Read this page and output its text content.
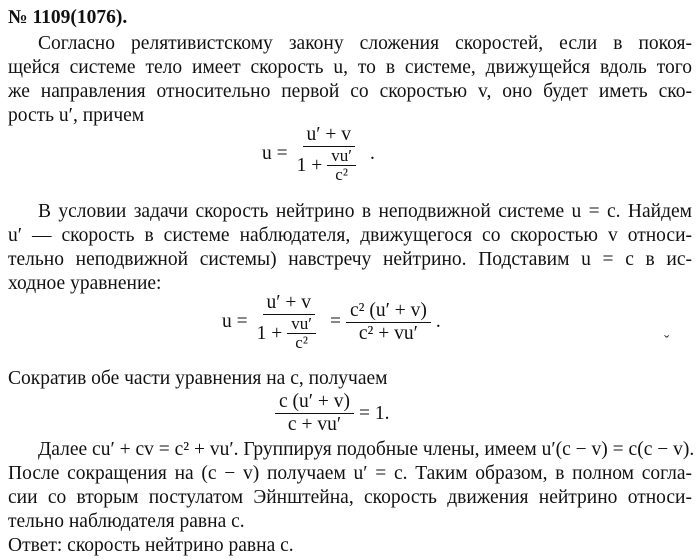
№ 1109(1076).
Согласно релятивистскому закону сложения скоростей, если в покоя-
щейся системе тело имеет скорость u, то в системе, движущейся вдоль того
же направления относительно первой со скоростью v, оно будет иметь ско-
рость u′, причем
$u = \frac{u' + v}{1 + \frac{vu'}{\text{c²}}}$ .
В условии задачи скорость нейтрино в неподвижной системе u = c. Найдем
u′ — скорость в системе наблюдателя, движущегося со скоростью v относи-
тельно неподвижной системы) навстречу нейтрино. Подставим u = c в ис-
ходное уравнение:
$u = \frac{u' + v}{1 + \frac{vu'}{\text{c²}}} = \frac{\text{c² (u′ + v)}}{\text{c² + vu′}}$ .
ˇ
Сократив обе части уравнения на c, получаем
$\frac{c (u' + v)}{c + vu'} = 1$.
Далее cu′ + cv = c² + vu′. Группируя подобные члены, имеем u′(c − v) = c(c − v).
После сокращения на (c − v) получаем u′ = c. Таким образом, в полном согла-
сии со вторым постулатом Эйнштейна, скорость движения нейтрино относи-
тельно наблюдателя равна c.
Ответ: скорость нейтрино равна c.
